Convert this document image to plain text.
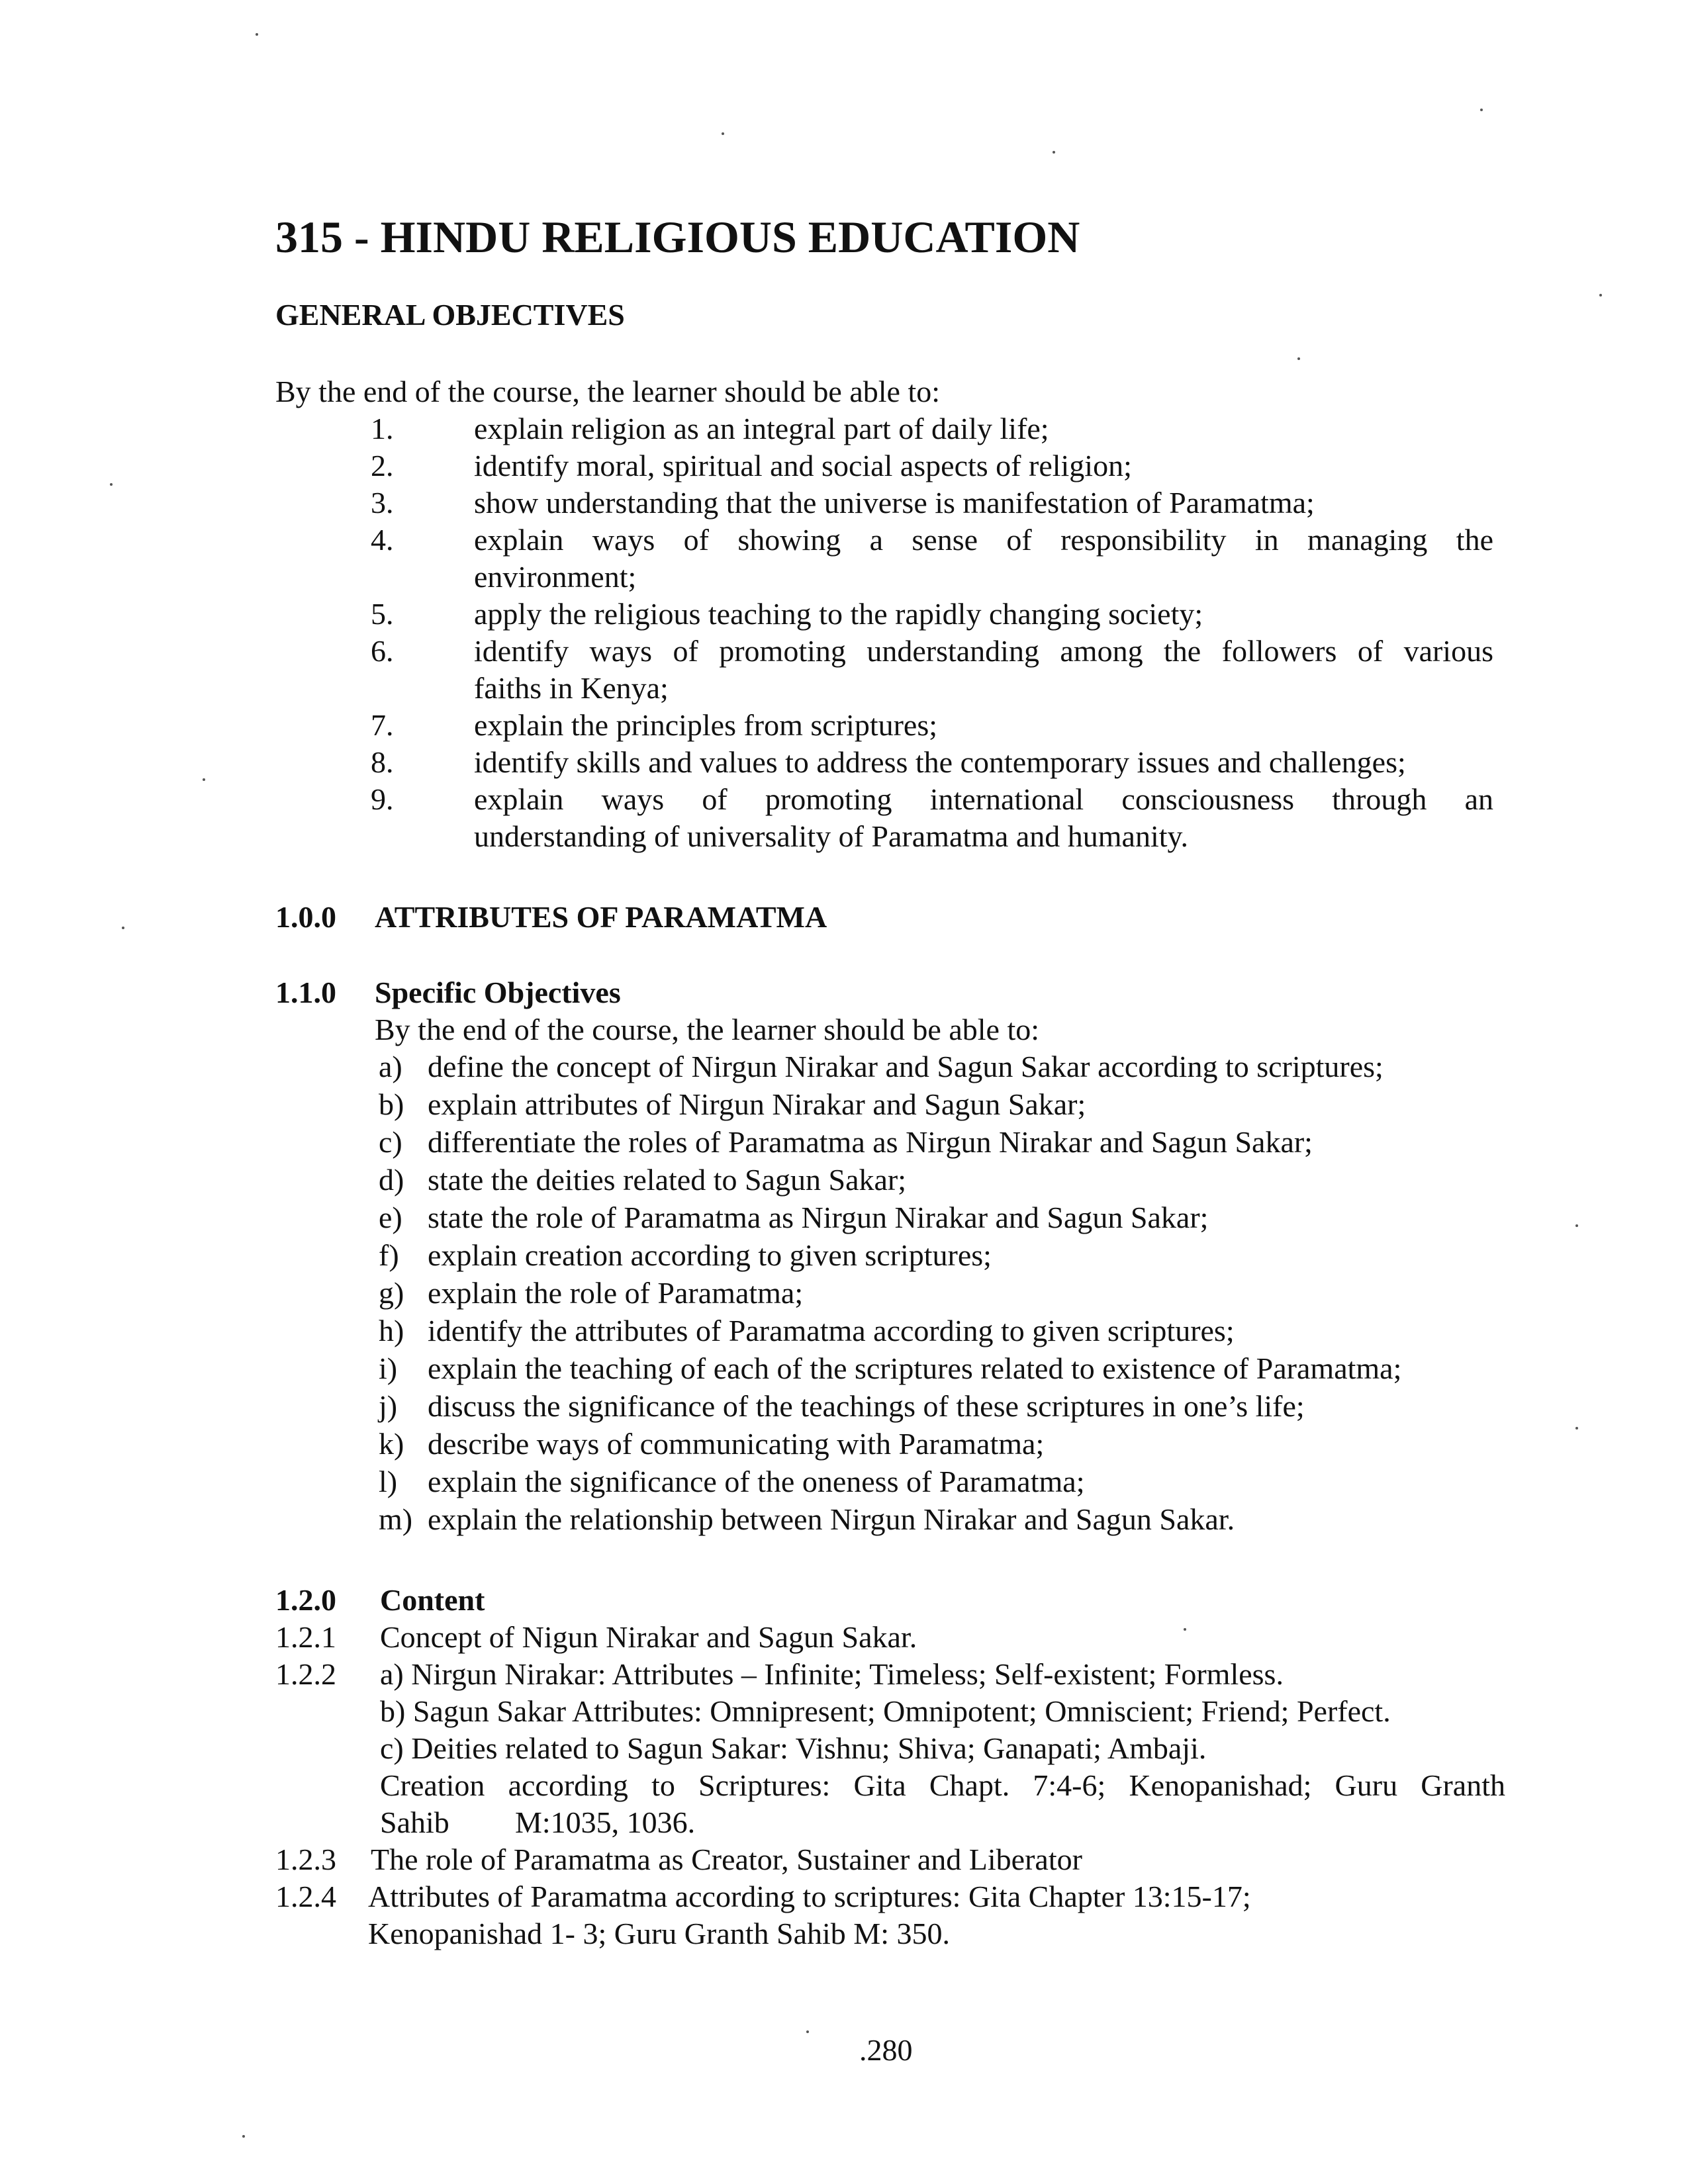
315 - HINDU RELIGIOUS EDUCATION
GENERAL OBJECTIVES
By the end of the course, the learner should be able to:
1.	explain religion as an integral part of daily life;
2.	identify moral, spiritual and social aspects of religion;
3.	show understanding that the universe is manifestation of Paramatma;
4.	explain ways of showing a sense of responsibility in managing the
environment;
5.	apply the religious teaching to the rapidly changing society;
6.	identify ways of promoting understanding among the followers of various
faiths in Kenya;
7.	explain the principles from scriptures;
8.	identify skills and values to address the contemporary issues and challenges;
9.	explain ways of promoting international consciousness through an
understanding of universality of Paramatma and humanity.
1.0.0 ATTRIBUTES OF PARAMATMA
1.1.0 Specific Objectives
By the end of the course, the learner should be able to:
a) define the concept of Nirgun Nirakar and Sagun Sakar according to scriptures;
b) explain attributes of Nirgun Nirakar and Sagun Sakar;
c) differentiate the roles of Paramatma as Nirgun Nirakar and Sagun Sakar;
d) state the deities related to Sagun Sakar;
e) state the role of Paramatma as Nirgun Nirakar and Sagun Sakar;
f) explain creation according to given scriptures;
g) explain the role of Paramatma;
h) identify the attributes of Paramatma according to given scriptures;
i) explain the teaching of each of the scriptures related to existence of Paramatma;
j) discuss the significance of the teachings of these scriptures in one’s life;
k) describe ways of communicating with Paramatma;
l) explain the significance of the oneness of Paramatma;
m) explain the relationship between Nirgun Nirakar and Sagun Sakar.
1.2.0 Content
1.2.1 Concept of Nigun Nirakar and Sagun Sakar.
1.2.2 a) Nirgun Nirakar: Attributes – Infinite; Timeless; Self-existent; Formless.
b) Sagun Sakar Attributes: Omnipresent; Omnipotent; Omniscient; Friend; Perfect.
c) Deities related to Sagun Sakar: Vishnu; Shiva; Ganapati; Ambaji.
Creation according to Scriptures: Gita Chapt. 7:4-6; Kenopanishad; Guru Granth
Sahib M:1035, 1036.
1.2.3 The role of Paramatma as Creator, Sustainer and Liberator
1.2.4 Attributes of Paramatma according to scriptures: Gita Chapter 13:15-17;
Kenopanishad 1- 3; Guru Granth Sahib M: 350.
.280
